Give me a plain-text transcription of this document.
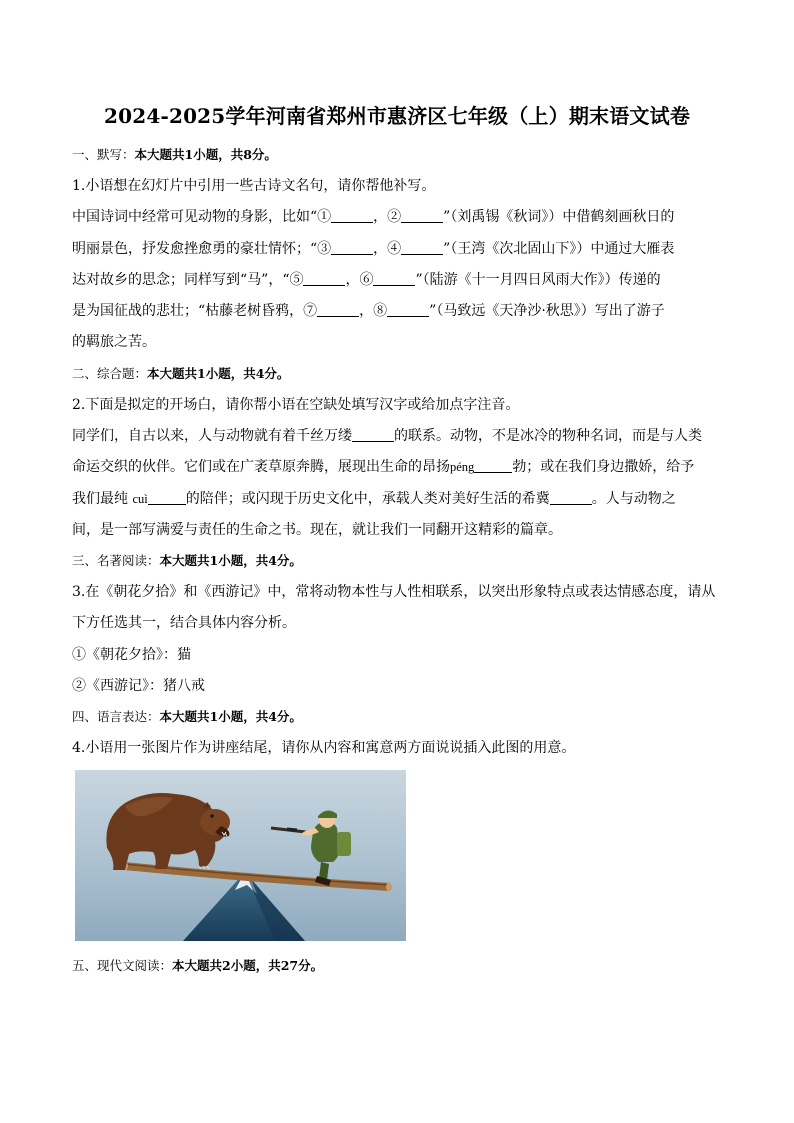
2024-2025学年河南省郑州市惠济区七年级（上）期末语文试卷
一、默写：本大题共1小题，共8分。
1.小语想在幻灯片中引用一些古诗文名句，请你帮他补写。
中国诗词中经常可见动物的身影，比如“①	，②	”（刘禹锡《秋词》）中借鹤刻画秋日的
明丽景色，抒发愈挫愈勇的豪壮情怀；“③	，④	”（王湾《次北固山下》）中通过大雁表
达对故乡的思念；同样写到“马”，“⑤	，⑥	”（陆游《十一月四日风雨大作》）传递的
是为国征战的悲壮；“枯藤老树昏鸦，⑦	，⑧	”（马致远《天净沙·秋思》）写出了游子
的羁旅之苦。
二、综合题：本大题共1小题，共4分。
2.下面是拟定的开场白，请你帮小语在空缺处填写汉字或给加点字注音。
同学们，自古以来，人与动物就有着千丝万缕	的联系。动物，不是冰冷的物种名词，而是与人类
命运交织的伙伴。它们或在广袤草原奔腾，展现出生命的昂扬péng	勃；或在我们身边撒娇，给予
我们最纯 cuì	的陪伴；或闪现于历史文化中，承载人类对美好生活的希冀	。人与动物之
间，是一部写满爱与责任的生命之书。现在，就让我们一同翻开这精彩的篇章。
三、名著阅读：本大题共1小题，共4分。
3.在《朝花夕拾》和《西游记》中，常将动物本性与人性相联系，以突出形象特点或表达情感态度，请从
下方任选其一，结合具体内容分析。
①《朝花夕拾》：猫
②《西游记》：猪八戒
四、语言表达：本大题共1小题，共4分。
4.小语用一张图片作为讲座结尾，请你从内容和寓意两方面说说插入此图的用意。
五、现代文阅读：本大题共2小题，共27分。
